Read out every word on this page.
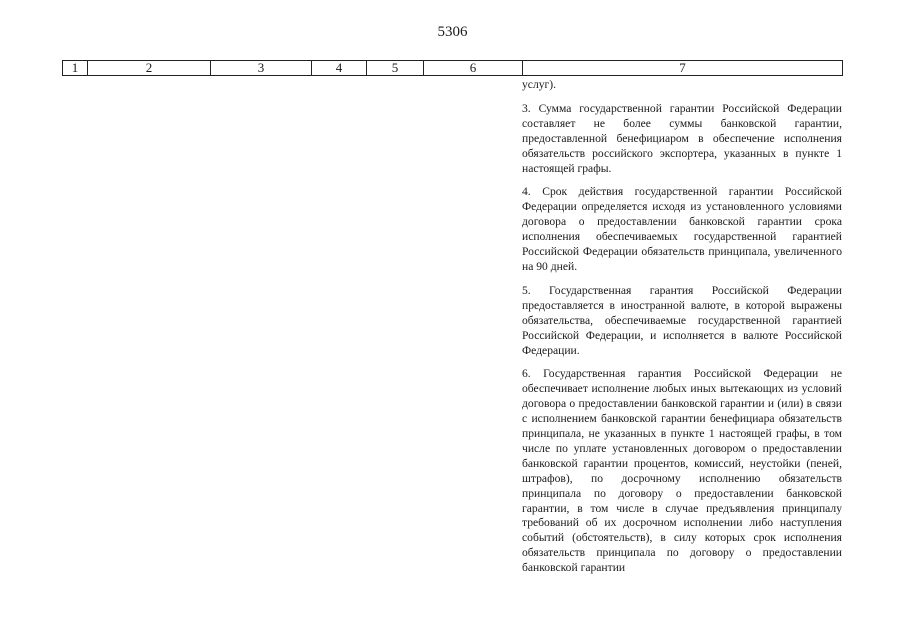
5306
1	2	3	4	5	6	7

услуг).

3. Сумма государственной гарантии Российской Федерации составляет не более суммы банковской гарантии, предоставленной бенефициаром в обеспечение исполнения обязательств российского экспортера, указанных в пункте 1 настоящей графы.

4. Срок действия государственной гарантии Российской Федерации определяется исходя из установленного условиями договора о предоставлении банковской гарантии срока исполнения обеспечиваемых государственной гарантией Российской Федерации обязательств принципала, увеличенного на 90 дней.

5. Государственная гарантия Российской Федерации предоставляется в иностранной валюте, в которой выражены обязательства, обеспечиваемые государственной гарантией Российской Федерации, и исполняется в валюте Российской Федерации.

6. Государственная гарантия Российской Федерации не обеспечивает исполнение любых иных вытекающих из условий договора о предоставлении банковской гарантии и (или) в связи с исполнением банковской гарантии бенефициара обязательств принципала, не указанных в пункте 1 настоящей графы, в том числе по уплате установленных договором о предоставлении банковской гарантии процентов, комиссий, неустойки (пеней, штрафов), по досрочному исполнению обязательств принципала по договору о предоставлении банковской гарантии, в том числе в случае предъявления принципалу требований об их досрочном исполнении либо наступления событий (обстоятельств), в силу которых срок исполнения обязательств принципала по договору о предоставлении банковской гарантии
